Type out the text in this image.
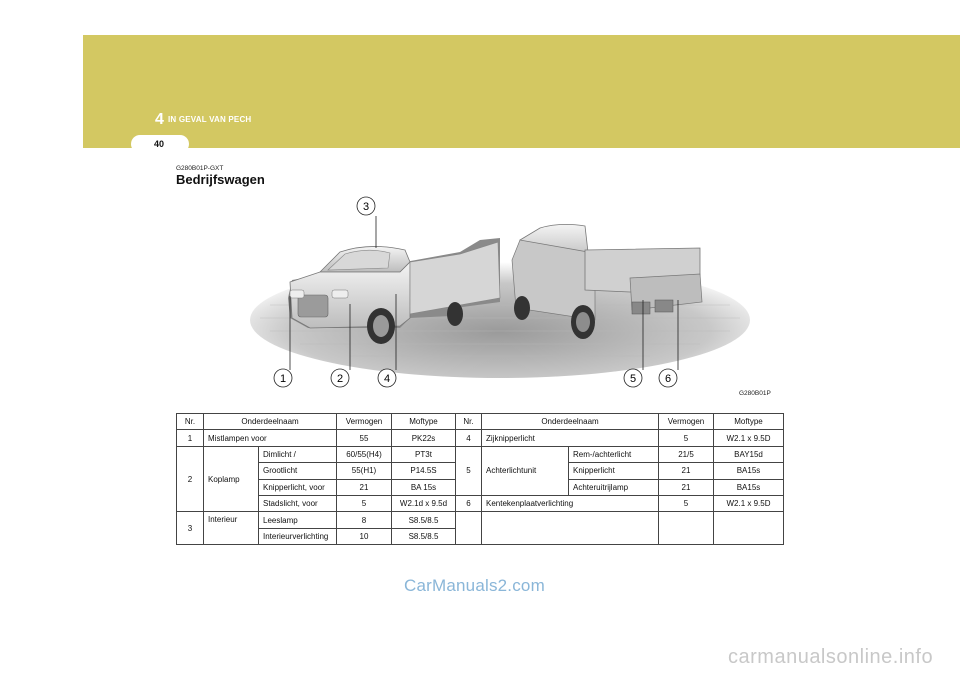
4 IN GEVAL VAN PECH
40
G280B01P-GXT
Bedrijfswagen
3
1	2	4	5	6
G280B01P
Nr.	Onderdeelnaam		Vermogen	Moftype	Nr.	Onderdeelnaam		Vermogen	Moftype
1	Mistlampen voor		55	PK22s	4	Zijknipperlicht		5	W2.1 x 9.5D
2	Koplamp	Dimlicht /	60/55(H4)	PT3t	5	Achterlichtunit	Rem-/achterlicht	21/5	BAY15d
		Grootlicht	55(H1)	P14.5S			Knipperlicht	21	BA15s
		Knipperlicht, voor	21	BA 15s			Achteruitrijlamp	21	BA15s
		Stadslicht, voor	5	W2.1d x 9.5d	6	Kentekenplaatverlichting		5	W2.1 x 9.5D
3	Interieur	Leeslamp	8	S8.5/8.5					
		Interieurverlichting	10	S8.5/8.5					
CarManuals2.com
carmanualsonline.info
